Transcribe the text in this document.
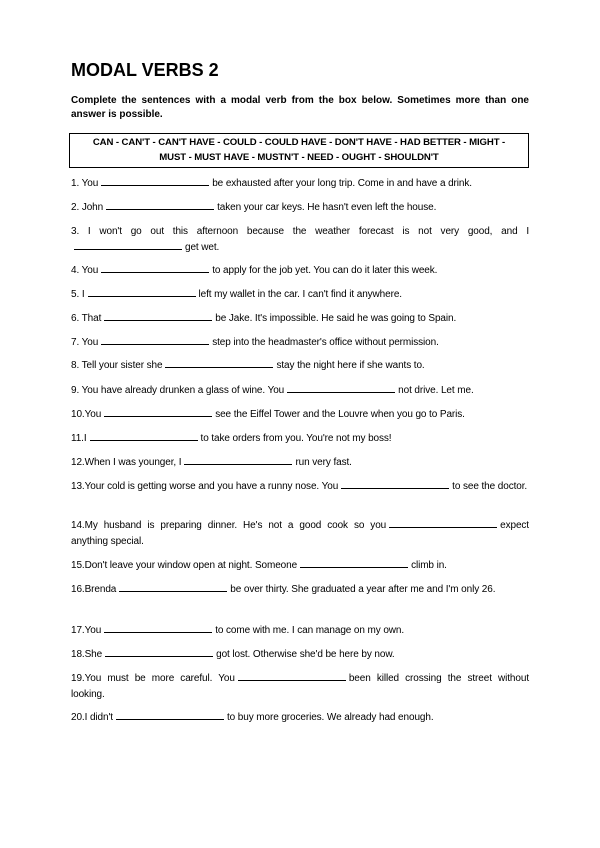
MODAL VERBS 2
Complete the sentences with a modal verb from the box below. Sometimes more than one answer is possible.
CAN - CAN'T - CAN'T HAVE - COULD - COULD HAVE - DON'T HAVE - HAD BETTER - MIGHT -
MUST - MUST HAVE - MUSTN'T - NEED - OUGHT - SHOULDN'T
1. You	be exhausted after your long trip. Come in and have a drink.
2. John	taken your car keys. He hasn't even left the house.
3. I won't go out this afternoon because the weather forecast is not very good, and I get wet.
4. You	to apply for the job yet. You can do it later this week.
5. I	left my wallet in the car. I can't find it anywhere.
6. That	be Jake. It's impossible. He said he was going to Spain.
7. You	step into the headmaster's office without permission.
8. Tell your sister she	stay the night here if she wants to.
9. You have already drunken a glass of wine. You	not drive. Let me.
10.You	see the Eiffel Tower and the Louvre when you go to Paris.
11.I	to take orders from you. You're not my boss!
12.When I was younger, I	run very fast.
13.Your cold is getting worse and you have a runny nose. You	to see the doctor.
14.My husband is preparing dinner. He's not a good cook so you	expect anything special.
15.Don't leave your window open at night. Someone	climb in.
16.Brenda	be over thirty. She graduated a year after me and I'm only 26.
17.You	to come with me. I can manage on my own.
18.She	got lost. Otherwise she'd be here by now.
19.You must be more careful. You	been killed crossing the street without looking.
20.I didn't	to buy more groceries. We already had enough.
